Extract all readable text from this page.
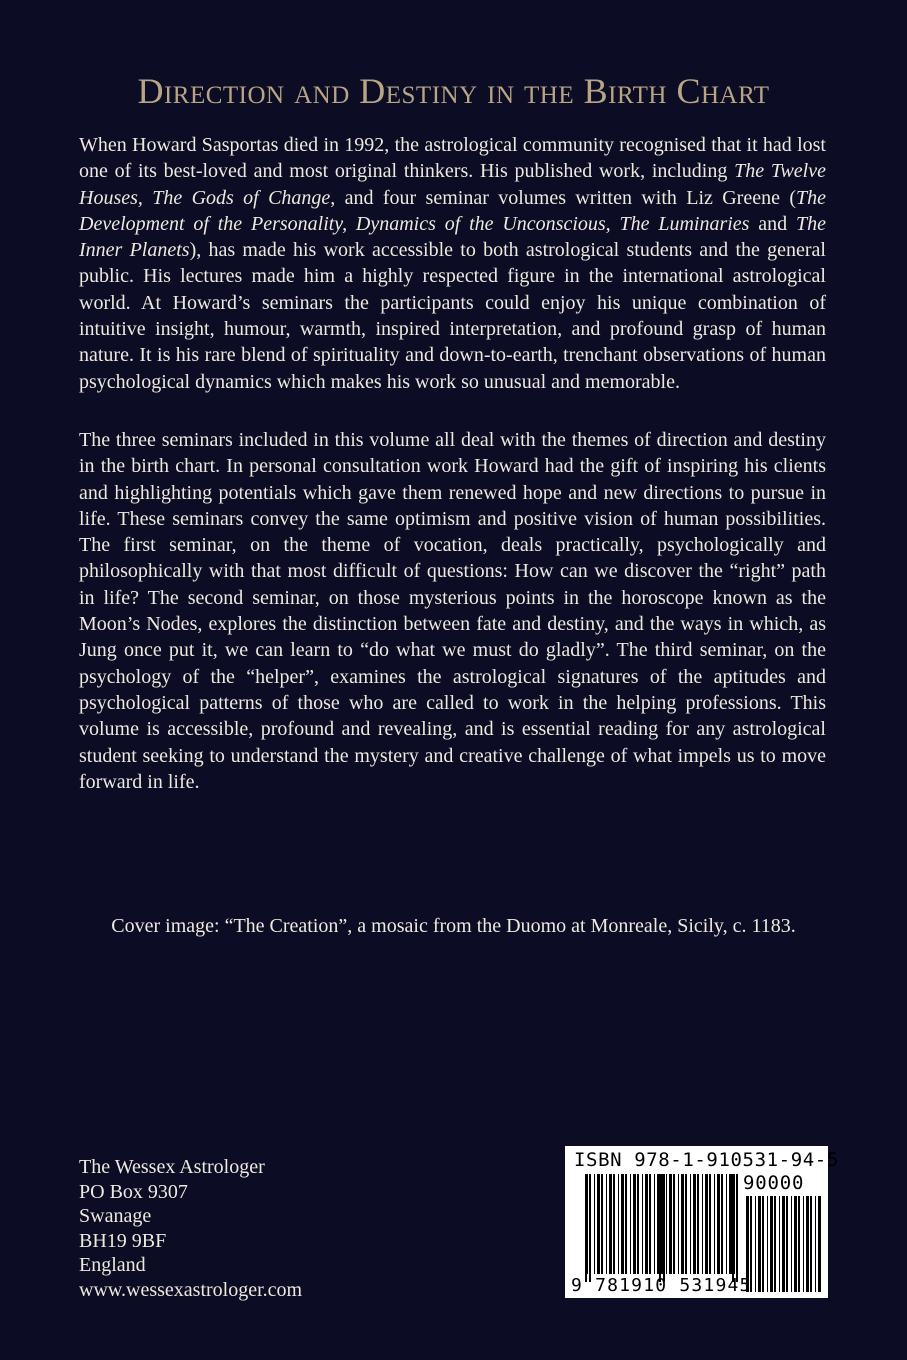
Direction and Destiny in the Birth Chart

When Howard Sasportas died in 1992, the astrological community recognised that it had lost one of its best-loved and most original thinkers. His published work, including The Twelve Houses, The Gods of Change, and four seminar volumes written with Liz Greene (The Development of the Personality, Dynamics of the Unconscious, The Luminaries and The Inner Planets), has made his work accessible to both astrological students and the general public. His lectures made him a highly respected figure in the international astrological world. At Howard’s seminars the participants could enjoy his unique combination of intuitive insight, humour, warmth, inspired interpretation, and profound grasp of human nature. It is his rare blend of spirituality and down-to-earth, trenchant observations of human psychological dynamics which makes his work so unusual and memorable.

The three seminars included in this volume all deal with the themes of direction and destiny in the birth chart. In personal consultation work Howard had the gift of inspiring his clients and highlighting potentials which gave them renewed hope and new directions to pursue in life. These seminars convey the same optimism and positive vision of human possibilities. The first seminar, on the theme of vocation, deals practically, psychologically and philosophically with that most difficult of questions: How can we discover the “right” path in life? The second seminar, on those mysterious points in the horoscope known as the Moon’s Nodes, explores the distinction between fate and destiny, and the ways in which, as Jung once put it, we can learn to “do what we must do gladly”. The third seminar, on the psychology of the “helper”, examines the astrological signatures of the aptitudes and psychological patterns of those who are called to work in the helping professions. This volume is accessible, profound and revealing, and is essential reading for any astrological student seeking to understand the mystery and creative challenge of what impels us to move forward in life.

Cover image: “The Creation”, a mosaic from the Duomo at Monreale, Sicily, c. 1183.

The Wessex Astrologer
PO Box 9307
Swanage
BH19 9BF
England
www.wessexastrologer.com
ISBN 978-1-910531-94-5
90000
9 781910 531945
